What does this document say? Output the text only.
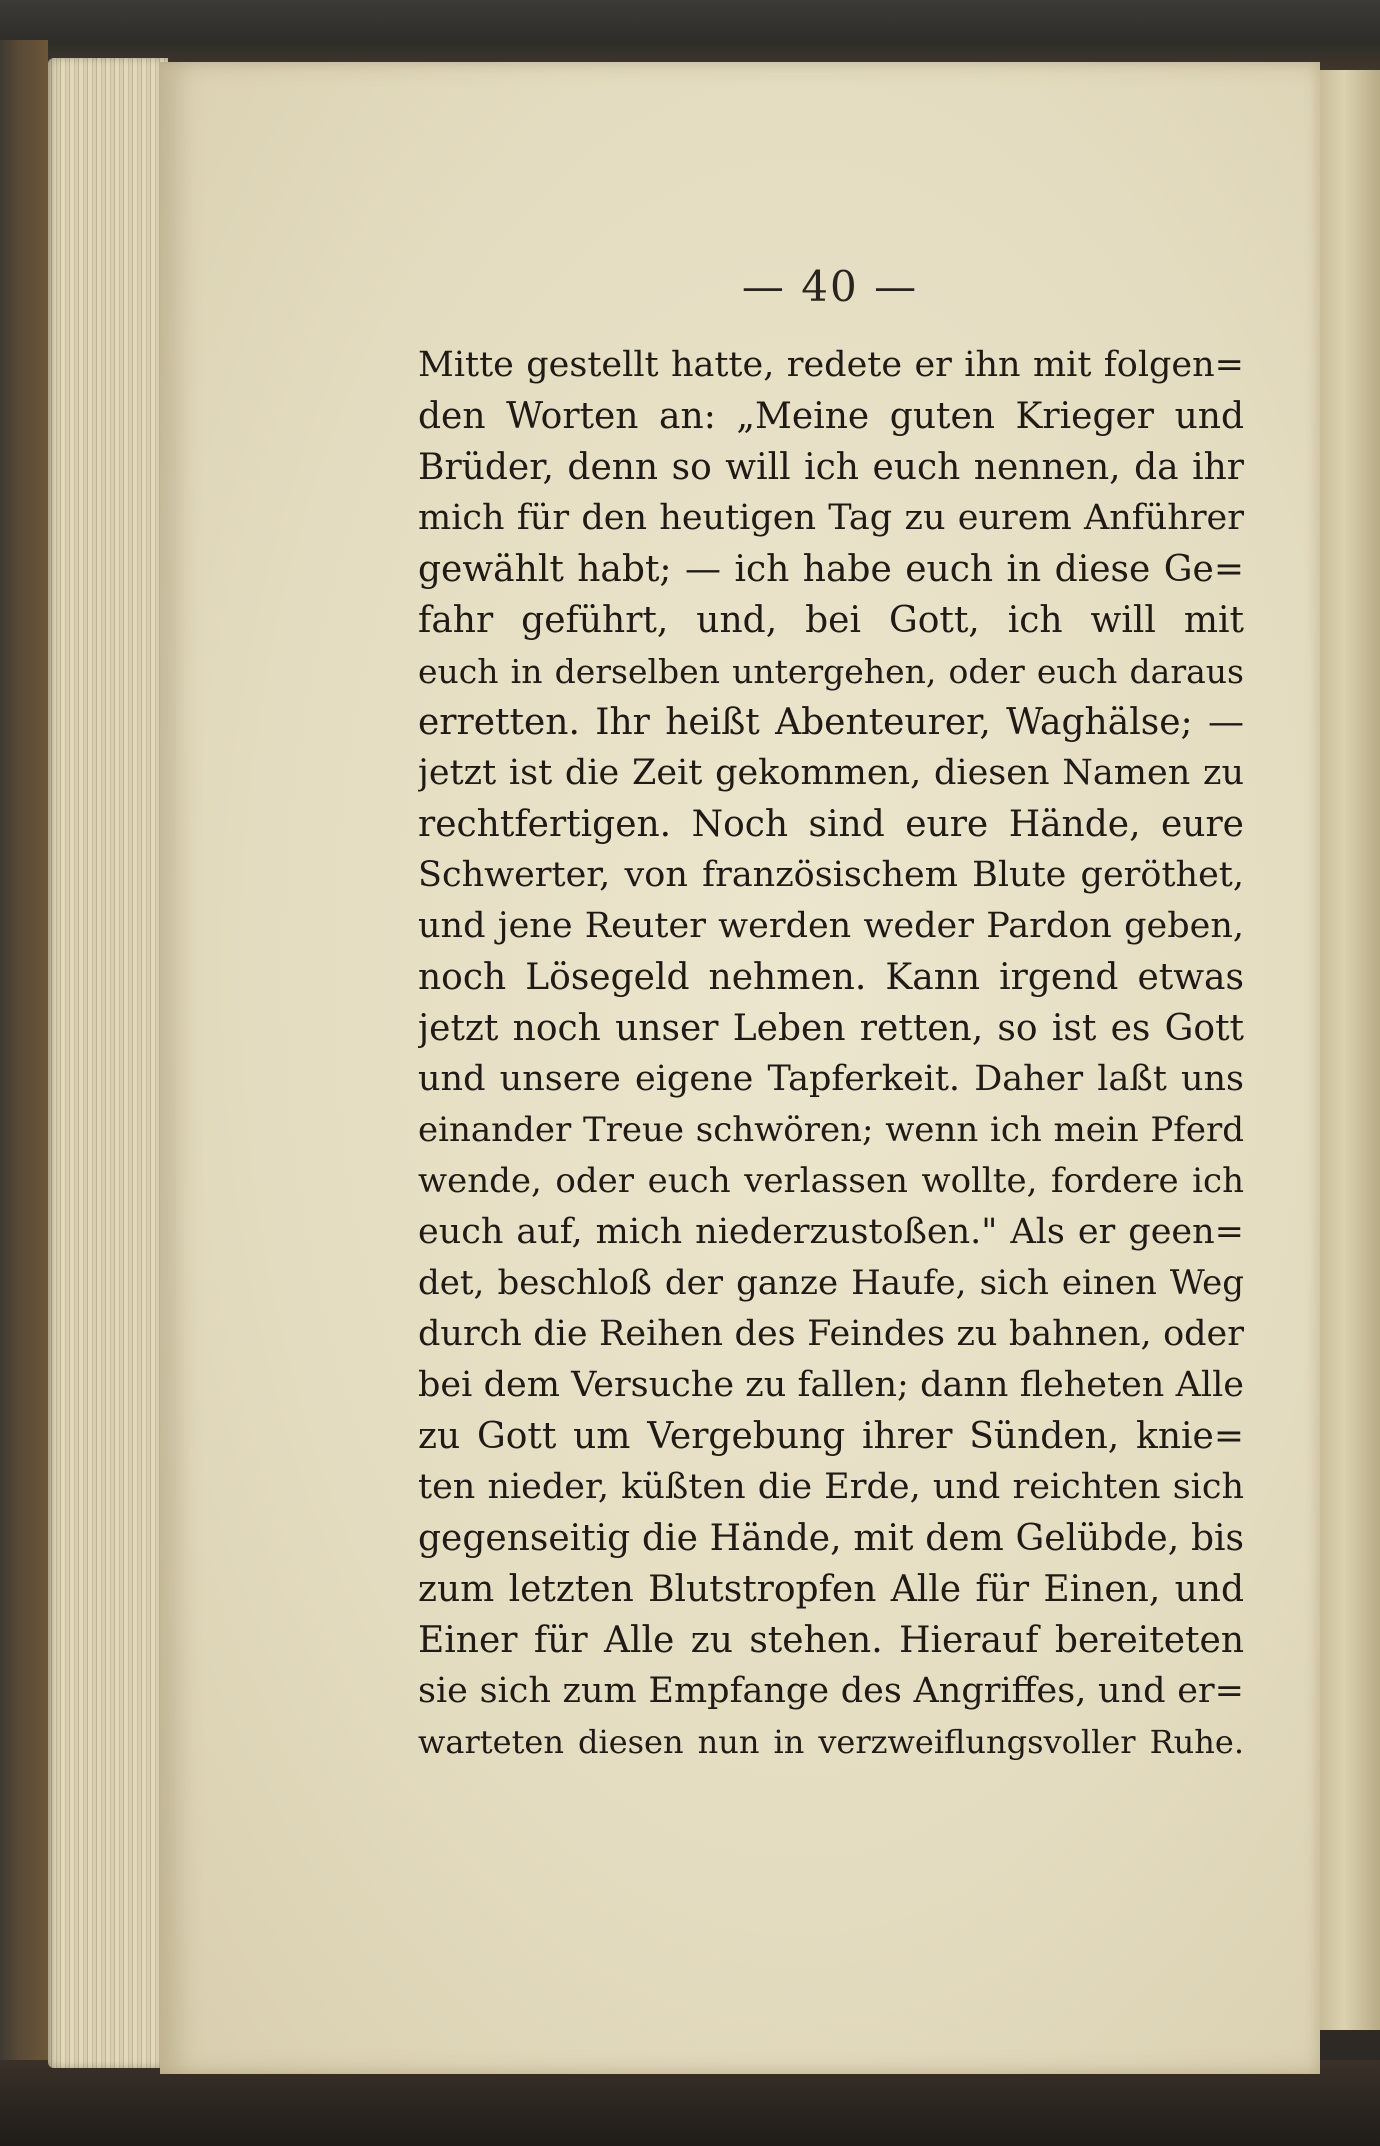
— 40 —
Mitte gestellt hatte, redete er ihn mit folgen=
den Worten an: „Meine guten Krieger und
Brüder, denn so will ich euch nennen, da ihr
mich für den heutigen Tag zu eurem Anführer
gewählt habt; — ich habe euch in diese Ge=
fahr geführt, und, bei Gott, ich will mit
euch in derselben untergehen, oder euch daraus
erretten. Ihr heißt Abenteurer, Waghälse; —
jetzt ist die Zeit gekommen, diesen Namen zu
rechtfertigen. Noch sind eure Hände, eure
Schwerter, von französischem Blute geröthet,
und jene Reuter werden weder Pardon geben,
noch Lösegeld nehmen. Kann irgend etwas
jetzt noch unser Leben retten, so ist es Gott
und unsere eigene Tapferkeit. Daher laßt uns
einander Treue schwören; wenn ich mein Pferd
wende, oder euch verlassen wollte, fordere ich
euch auf, mich niederzustoßen." Als er geen=
det, beschloß der ganze Haufe, sich einen Weg
durch die Reihen des Feindes zu bahnen, oder
bei dem Versuche zu fallen; dann fleheten Alle
zu Gott um Vergebung ihrer Sünden, knie=
ten nieder, küßten die Erde, und reichten sich
gegenseitig die Hände, mit dem Gelübde, bis
zum letzten Blutstropfen Alle für Einen, und
Einer für Alle zu stehen. Hierauf bereiteten
sie sich zum Empfange des Angriffes, und er=
warteten diesen nun in verzweiflungsvoller Ruhe.
